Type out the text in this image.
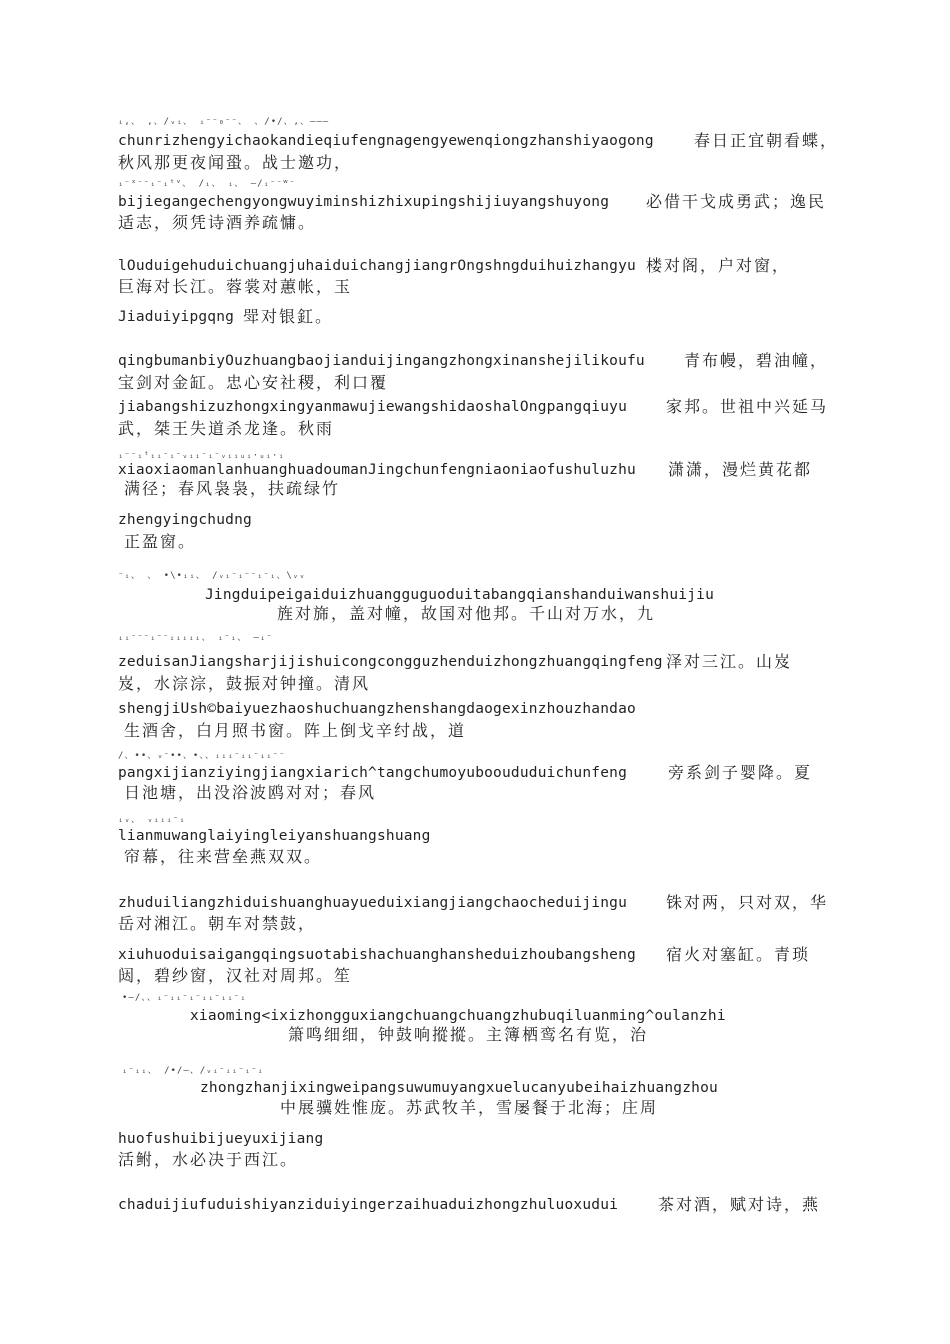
ᵢ,、 ,、/ᵥᵢ、 ᵢ⁻⁻₀⁻⁻、 、/•/、,、———
chunrizhengyichaokandieqiufengnagengyewenqiongzhanshiyaogong	春日正宜朝看蝶，
秋风那更夜闻蛩。战士邀功，
ᵢ⁻ˣ⁻⁻ᵢ⁻ᵢᵗᵛ、 /ᵢ、 ᵢ、 —/ᵢ⁻⁻ʷ⁻
bijiegangechengyongwuyiminshizhixupingshijiuyangshuyong 必借干戈成勇武；逸民
适志，须凭诗酒养疏慵。
lOuduigehuduichuangjuhaiduichangjiangrOngshngduihuizhangyu 楼对阁，户对窗，
巨海对长江。蓉裳对蕙帐，玉
Jiaduiyipgqng 斝对银釭。
qingbumanbiyOuzhuangbaojianduijingangzhongxinanshejilikoufu 青布幔，碧油幢，
宝剑对金缸。忠心安社稷，利口覆
jiabangshizuzhongxingyanmawujiewangshidaoshalOngpangqiuyu 家邦。世祖中兴延马
武，桀王失道杀龙逢。秋雨
ᵢ⁻⁻ᵢᵗᵢᵢ⁻ᵢ⁻ᵥᵢᵢ⁻ᵢ⁻ᵥᵢᵢᵤᵢ·ᵤᵢ·ᵢ
xiaoxiaomanlanhuanghuadoumanJingchunfengniaoniaofushuluzhu 潇潇，漫烂黄花都
满径；春风袅袅，扶疏绿竹
zhengyingchudng
正盈窗。
⁻ᵢ、 、 •\•ᵢᵢ、 /ᵥᵢ⁻ᵢ⁻⁻ᵢ⁻ᵢ、\ᵥᵥ
Jingduipeigaiduizhuangguguoduitabangqianshanduiwanshuijiu
旌对旆，盖对幢，故国对他邦。千山对万水，九
ᵢᵢ⁻⁻⁻ᵢ⁻⁻ᵢᵢᵢᵢᵢ、 ᵢ⁻ᵢ、 —ᵢ⁻
zeduisanJiangsharjijishuicongcongguzhenduizhongzhuangqingfeng 泽对三江。山岌
岌，水淙淙，鼓振对钟撞。清风
shengjiUsh©baiyuezhaoshuchuangzhenshangdaogexinzhouzhandao
生酒舍，白月照书窗。阵上倒戈辛纣战，道
/、••、ᵥ⁻••、•、、ᵢᵢᵢ⁻ᵢᵢ⁻ᵢᵢ⁻⁻
pangxijianziyingjiangxiarich^tangchumoyubooududuichunfeng	旁系剑子婴降。夏
日池塘，出没浴波鸥对对；春风
ᵢᵥ、 ᵥᵢᵢᵢ⁻ᵢ
lianmuwanglaiyingleiyanshuangshuang
帘幕，往来营垒燕双双。
zhuduiliangzhiduishuanghuayueduixiangjiangchaocheduijingu 铢对两，只对双，华
岳对湘江。朝车对禁鼓，
xiuhuoduisaigangqingsuotabishachuanghansheduizhoubangsheng 宿火对塞缸。青琐
闼，碧纱窗，汉社对周邦。笙
•—/、、ᵢ⁻ᵢᵢ⁻ᵢ⁻ᵢᵢ⁻ᵢᵢ⁻ᵢ
xiaoming<ixizhongguxiangchuangchuangzhubuqiluanming^oulanzhi
箫鸣细细，钟鼓响摐摐。主簿栖鸾名有览，治
ᵢ⁻ᵢᵢ、 /•/—、/ᵥᵢ⁻ᵢᵢ⁻ᵢ⁻ᵢ
zhongzhanjixingweipangsuwumuyangxuelucanyubeihaizhuangzhou
中展骥姓惟庞。苏武牧羊，雪屡餐于北海；庄周
huofushuibijueyuxijiang
活鲋，水必决于西江。
chaduijiufuduishiyanziduiyingerzaihuaduizhongzhuluoxudui 茶对酒，赋对诗，燕
